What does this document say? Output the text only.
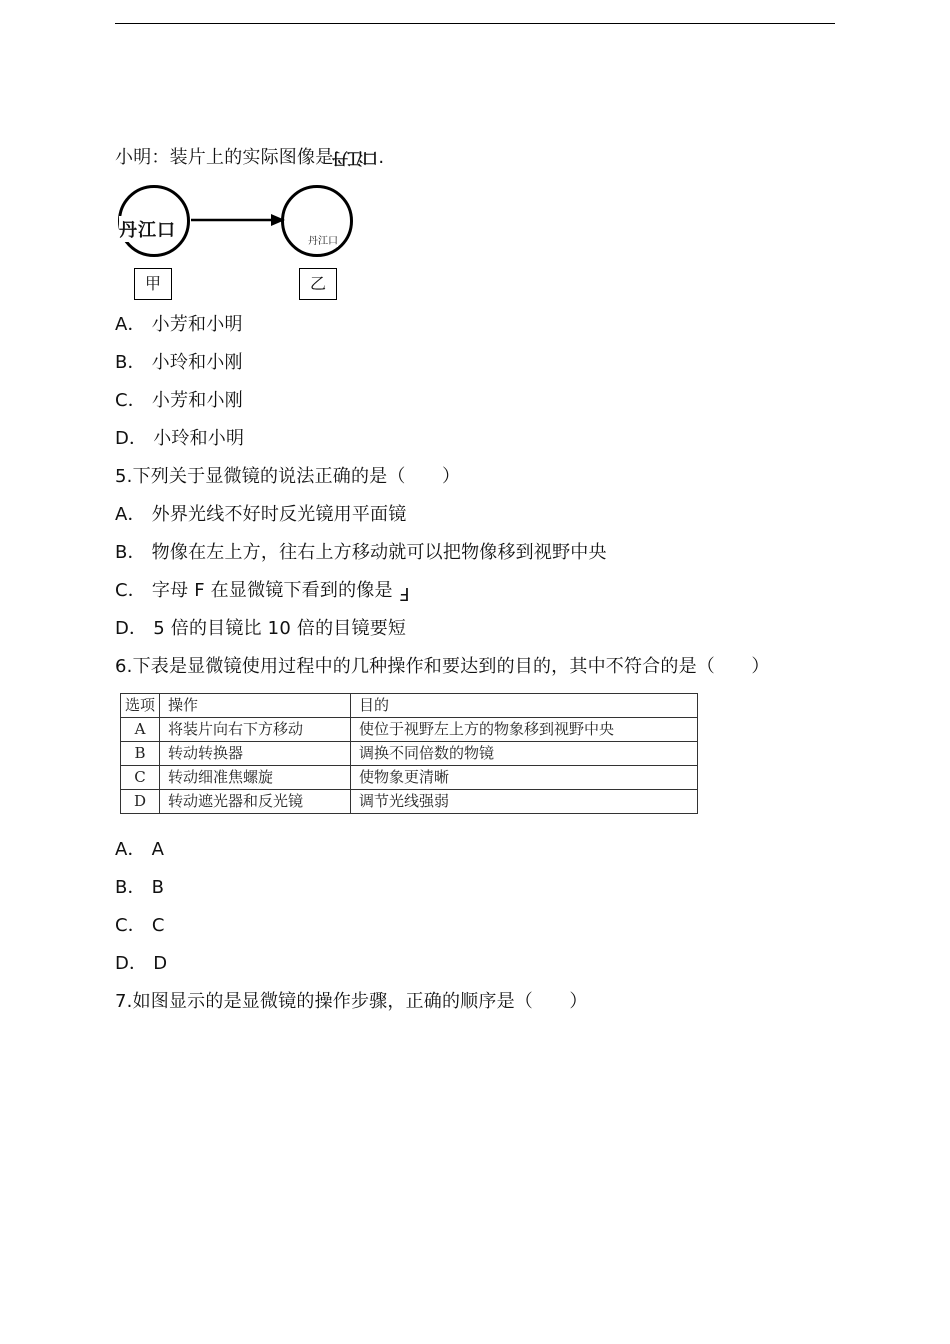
小明：装片上的实际图像是口江丹.
丹江口
丹江口
甲	乙
A． 小芳和小明
B． 小玲和小刚
C． 小芳和小刚
D． 小玲和小明
5.下列关于显微镜的说法正确的是（　　）
A． 外界光线不好时反光镜用平面镜
B． 物像在左上方，往右上方移动就可以把物像移到视野中央
C． 字母 F 在显微镜下看到的像是 F
D． 5 倍的目镜比 10 倍的目镜要短
6.下表是显微镜使用过程中的几种操作和要达到的目的，其中不符合的是（　　）
选项	操作	目的
A	将装片向右下方移动	使位于视野左上方的物象移到视野中央
B	转动转换器	调换不同倍数的物镜
C	转动细准焦螺旋	使物象更清晰
D	转动遮光器和反光镜	调节光线强弱
A． A
B． B
C． C
D． D
7.如图显示的是显微镜的操作步骤，正确的顺序是（　　）
